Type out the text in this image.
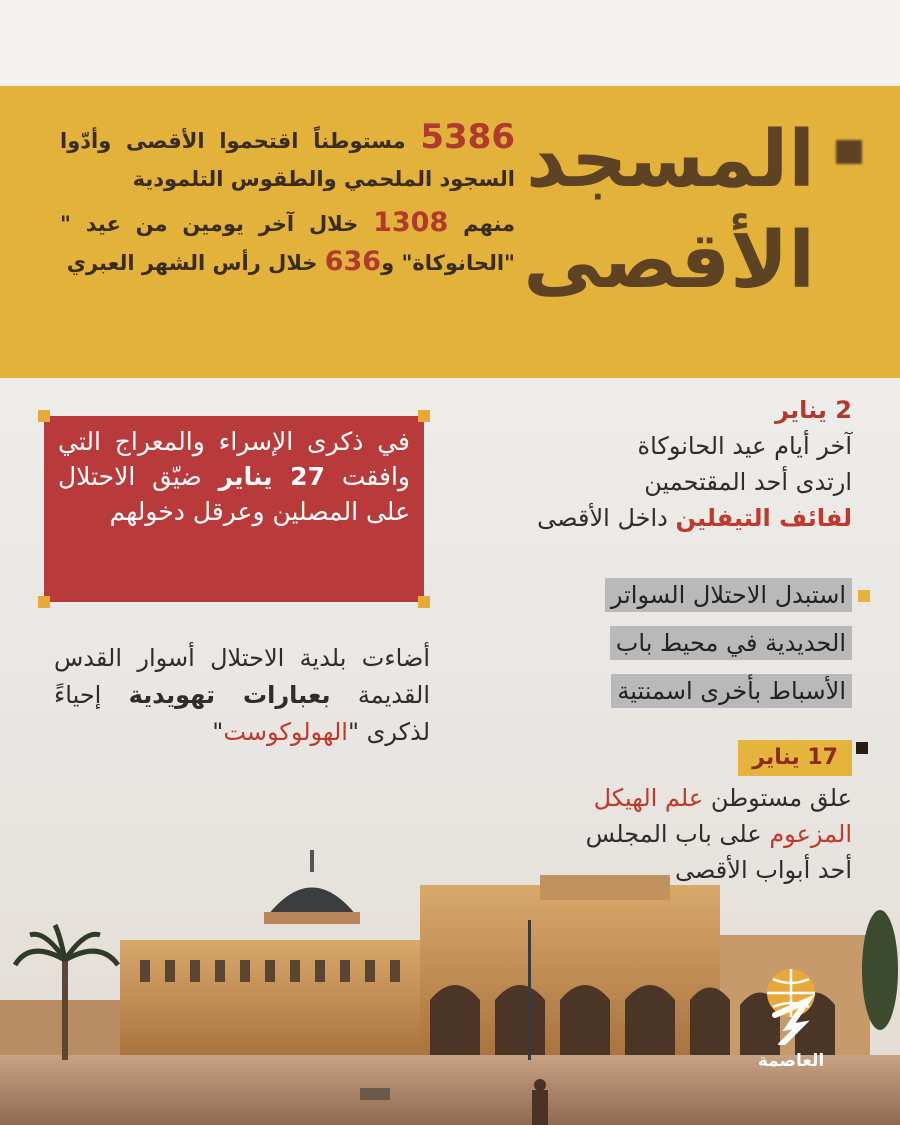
المسجد
الأقصى

5386 مستوطناً اقتحموا الأقصى وأدّوا السجود الملحمي والطقوس التلمودية

منهم 1308 خلال آخر يومين من عيد " "الحانوكاة" و636 خلال رأس الشهر العبري

في ذكرى الإسراء والمعراج التي وافقت 27 يناير ضيّق الاحتلال على المصلين وعرقل دخولهم
2 يناير
آخر أيام عيد الحانوكاة
ارتدى أحد المقتحمين
لفائف التيفلين داخل الأقصى
استبدل الاحتلال السواتر
الحديدية في محيط باب
الأسباط بأخرى اسمنتية
17 يناير
علق مستوطن علم الهيكل
المزعوم على باب المجلس
أحد أبواب الأقصى
أضاءت بلدية الاحتلال أسوار القدس القديمة بعبارات تهويدية إحياءً لذكرى "الهولوكوست"
العاصمة
